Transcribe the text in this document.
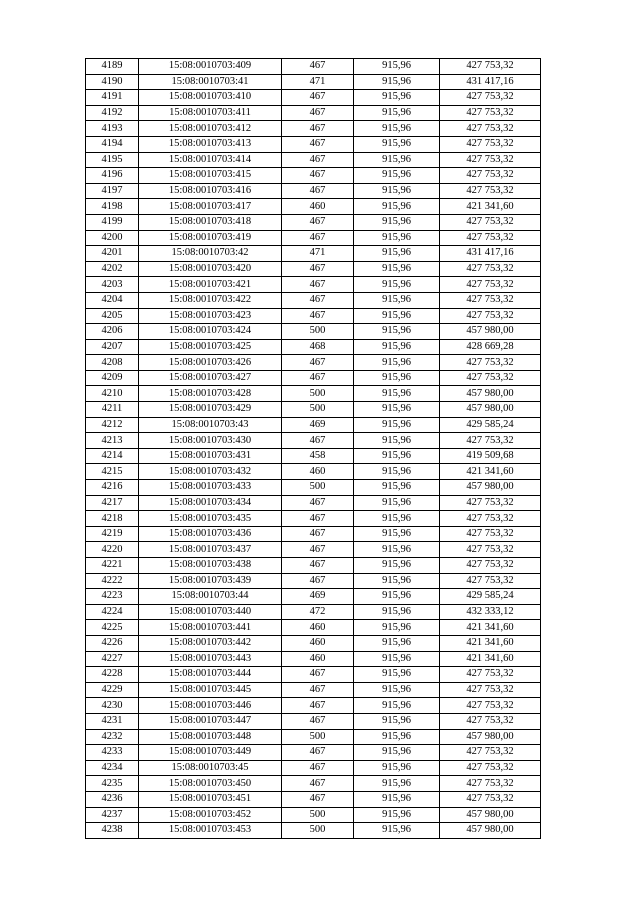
4189	15:08:0010703:409	467	915,96	427 753,32
4190	15:08:0010703:41	471	915,96	431 417,16
4191	15:08:0010703:410	467	915,96	427 753,32
4192	15:08:0010703:411	467	915,96	427 753,32
4193	15:08:0010703:412	467	915,96	427 753,32
4194	15:08:0010703:413	467	915,96	427 753,32
4195	15:08:0010703:414	467	915,96	427 753,32
4196	15:08:0010703:415	467	915,96	427 753,32
4197	15:08:0010703:416	467	915,96	427 753,32
4198	15:08:0010703:417	460	915,96	421 341,60
4199	15:08:0010703:418	467	915,96	427 753,32
4200	15:08:0010703:419	467	915,96	427 753,32
4201	15:08:0010703:42	471	915,96	431 417,16
4202	15:08:0010703:420	467	915,96	427 753,32
4203	15:08:0010703:421	467	915,96	427 753,32
4204	15:08:0010703:422	467	915,96	427 753,32
4205	15:08:0010703:423	467	915,96	427 753,32
4206	15:08:0010703:424	500	915,96	457 980,00
4207	15:08:0010703:425	468	915,96	428 669,28
4208	15:08:0010703:426	467	915,96	427 753,32
4209	15:08:0010703:427	467	915,96	427 753,32
4210	15:08:0010703:428	500	915,96	457 980,00
4211	15:08:0010703:429	500	915,96	457 980,00
4212	15:08:0010703:43	469	915,96	429 585,24
4213	15:08:0010703:430	467	915,96	427 753,32
4214	15:08:0010703:431	458	915,96	419 509,68
4215	15:08:0010703:432	460	915,96	421 341,60
4216	15:08:0010703:433	500	915,96	457 980,00
4217	15:08:0010703:434	467	915,96	427 753,32
4218	15:08:0010703:435	467	915,96	427 753,32
4219	15:08:0010703:436	467	915,96	427 753,32
4220	15:08:0010703:437	467	915,96	427 753,32
4221	15:08:0010703:438	467	915,96	427 753,32
4222	15:08:0010703:439	467	915,96	427 753,32
4223	15:08:0010703:44	469	915,96	429 585,24
4224	15:08:0010703:440	472	915,96	432 333,12
4225	15:08:0010703:441	460	915,96	421 341,60
4226	15:08:0010703:442	460	915,96	421 341,60
4227	15:08:0010703:443	460	915,96	421 341,60
4228	15:08:0010703:444	467	915,96	427 753,32
4229	15:08:0010703:445	467	915,96	427 753,32
4230	15:08:0010703:446	467	915,96	427 753,32
4231	15:08:0010703:447	467	915,96	427 753,32
4232	15:08:0010703:448	500	915,96	457 980,00
4233	15:08:0010703:449	467	915,96	427 753,32
4234	15:08:0010703:45	467	915,96	427 753,32
4235	15:08:0010703:450	467	915,96	427 753,32
4236	15:08:0010703:451	467	915,96	427 753,32
4237	15:08:0010703:452	500	915,96	457 980,00
4238	15:08:0010703:453	500	915,96	457 980,00
